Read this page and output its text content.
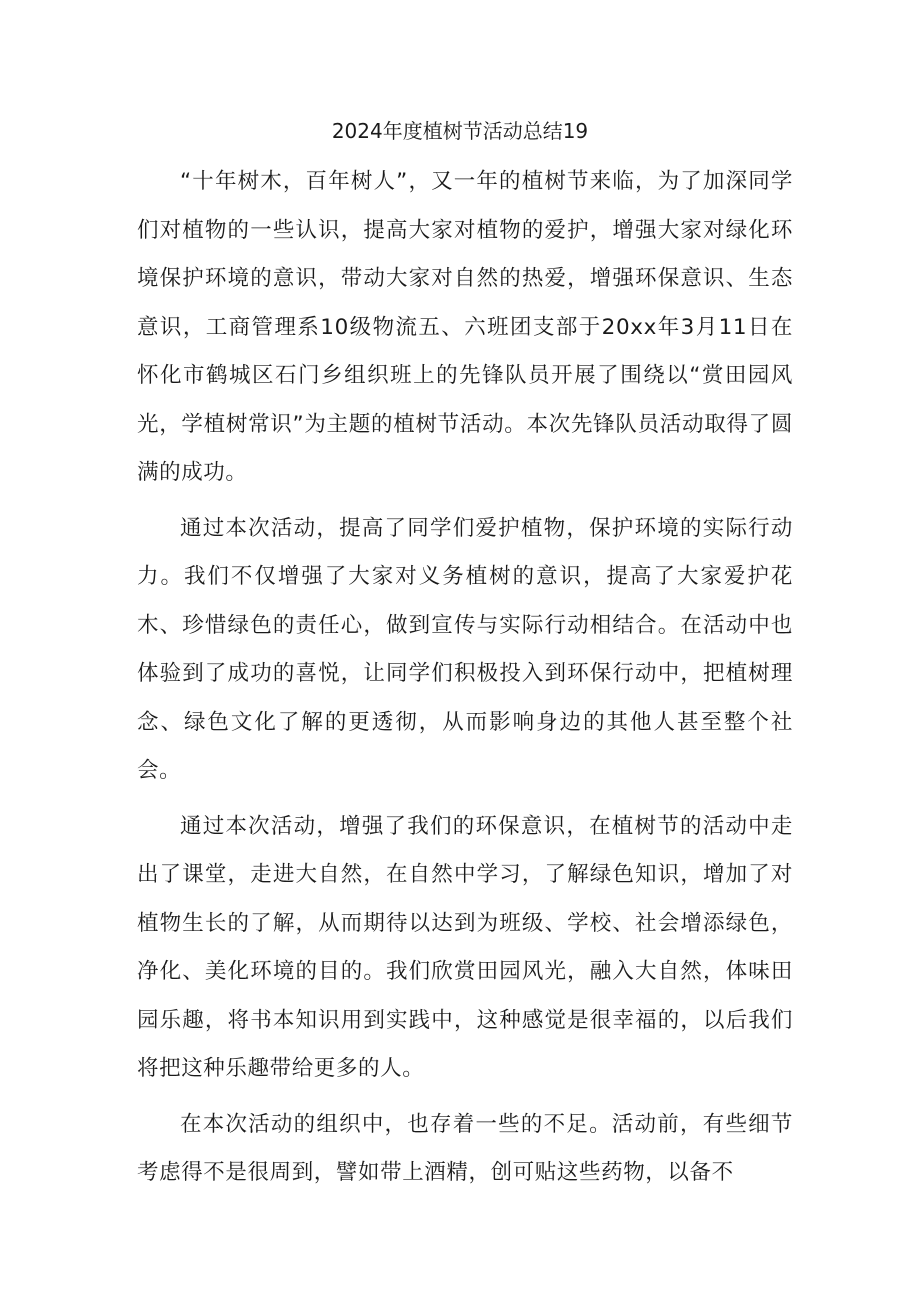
2024年度植树节活动总结19

“十年树木，百年树人”，又一年的植树节来临，为了加深同学们对植物的一些认识，提高大家对植物的爱护，增强大家对绿化环境保护环境的意识，带动大家对自然的热爱，增强环保意识、生态意识，工商管理系10级物流五、六班团支部于20xx年3月11日在怀化市鹤城区石门乡组织班上的先锋队员开展了围绕以“赏田园风光，学植树常识”为主题的植树节活动。本次先锋队员活动取得了圆满的成功。

通过本次活动，提高了同学们爱护植物，保护环境的实际行动力。我们不仅增强了大家对义务植树的意识，提高了大家爱护花木、珍惜绿色的责任心，做到宣传与实际行动相结合。在活动中也体验到了成功的喜悦，让同学们积极投入到环保行动中，把植树理念、绿色文化了解的更透彻，从而影响身边的其他人甚至整个社会。

通过本次活动，增强了我们的环保意识，在植树节的活动中走出了课堂，走进大自然，在自然中学习，了解绿色知识，增加了对植物生长的了解，从而期待以达到为班级、学校、社会增添绿色，净化、美化环境的目的。我们欣赏田园风光，融入大自然，体味田园乐趣，将书本知识用到实践中，这种感觉是很幸福的，以后我们将把这种乐趣带给更多的人。

在本次活动的组织中，也存着一些的不足。活动前，有些细节考虑得不是很周到，譬如带上酒精，创可贴这些药物，以备不
